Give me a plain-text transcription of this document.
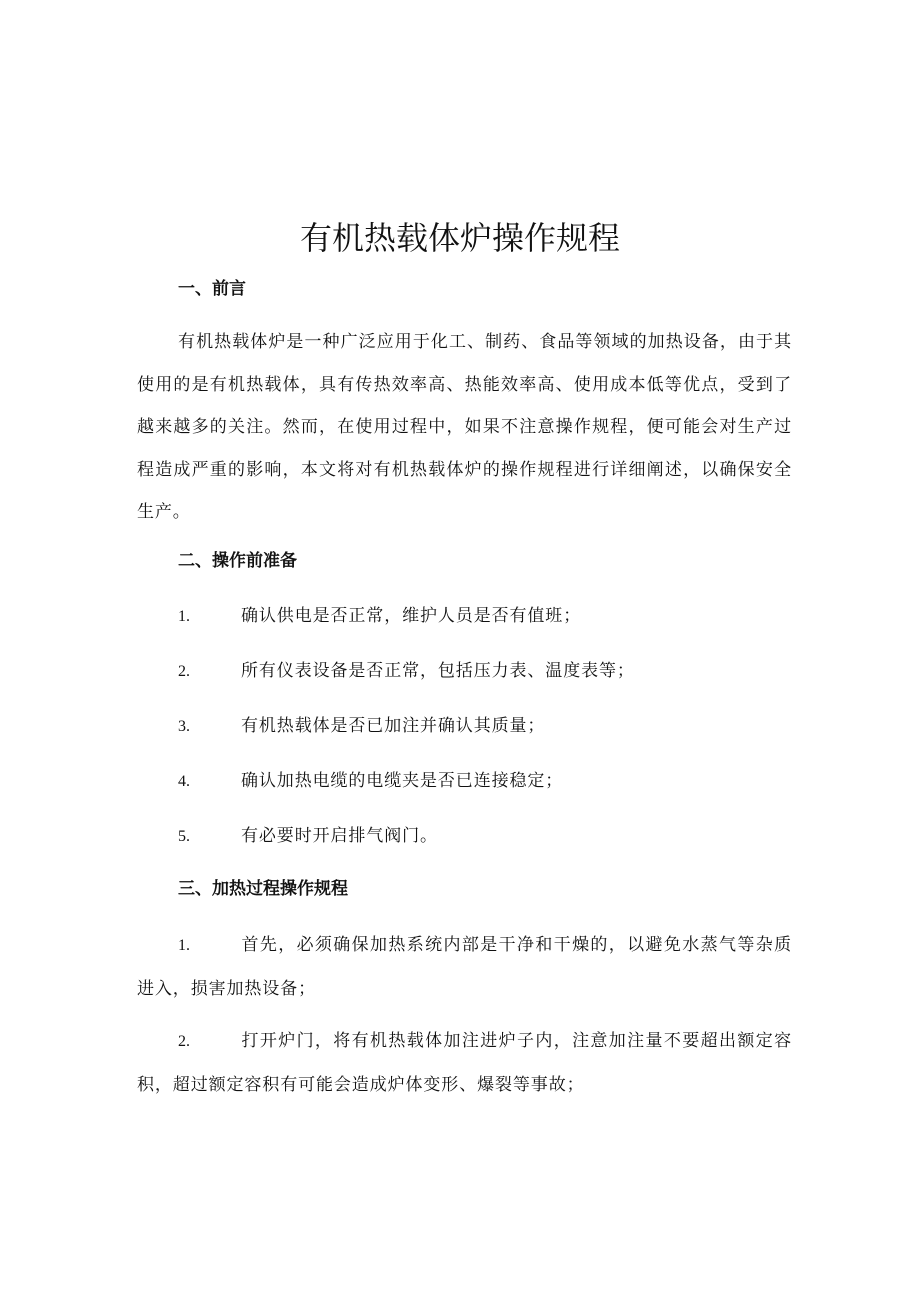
有机热载体炉操作规程
一、前言

有机热载体炉是一种广泛应用于化工、制药、食品等领域的加热设备，由于其使用的是有机热载体，具有传热效率高、热能效率高、使用成本低等优点，受到了越来越多的关注。然而，在使用过程中，如果不注意操作规程，便可能会对生产过程造成严重的影响，本文将对有机热载体炉的操作规程进行详细阐述，以确保安全生产。

二、操作前准备

1.	确认供电是否正常，维护人员是否有值班；

2.	所有仪表设备是否正常，包括压力表、温度表等；

3.	有机热载体是否已加注并确认其质量；

4.	确认加热电缆的电缆夹是否已连接稳定；

5.	有必要时开启排气阀门。

三、加热过程操作规程

1.	首先，必须确保加热系统内部是干净和干燥的，以避免水蒸气等杂质进入，损害加热设备；

2.	打开炉门，将有机热载体加注进炉子内，注意加注量不要超出额定容积，超过额定容积有可能会造成炉体变形、爆裂等事故；
